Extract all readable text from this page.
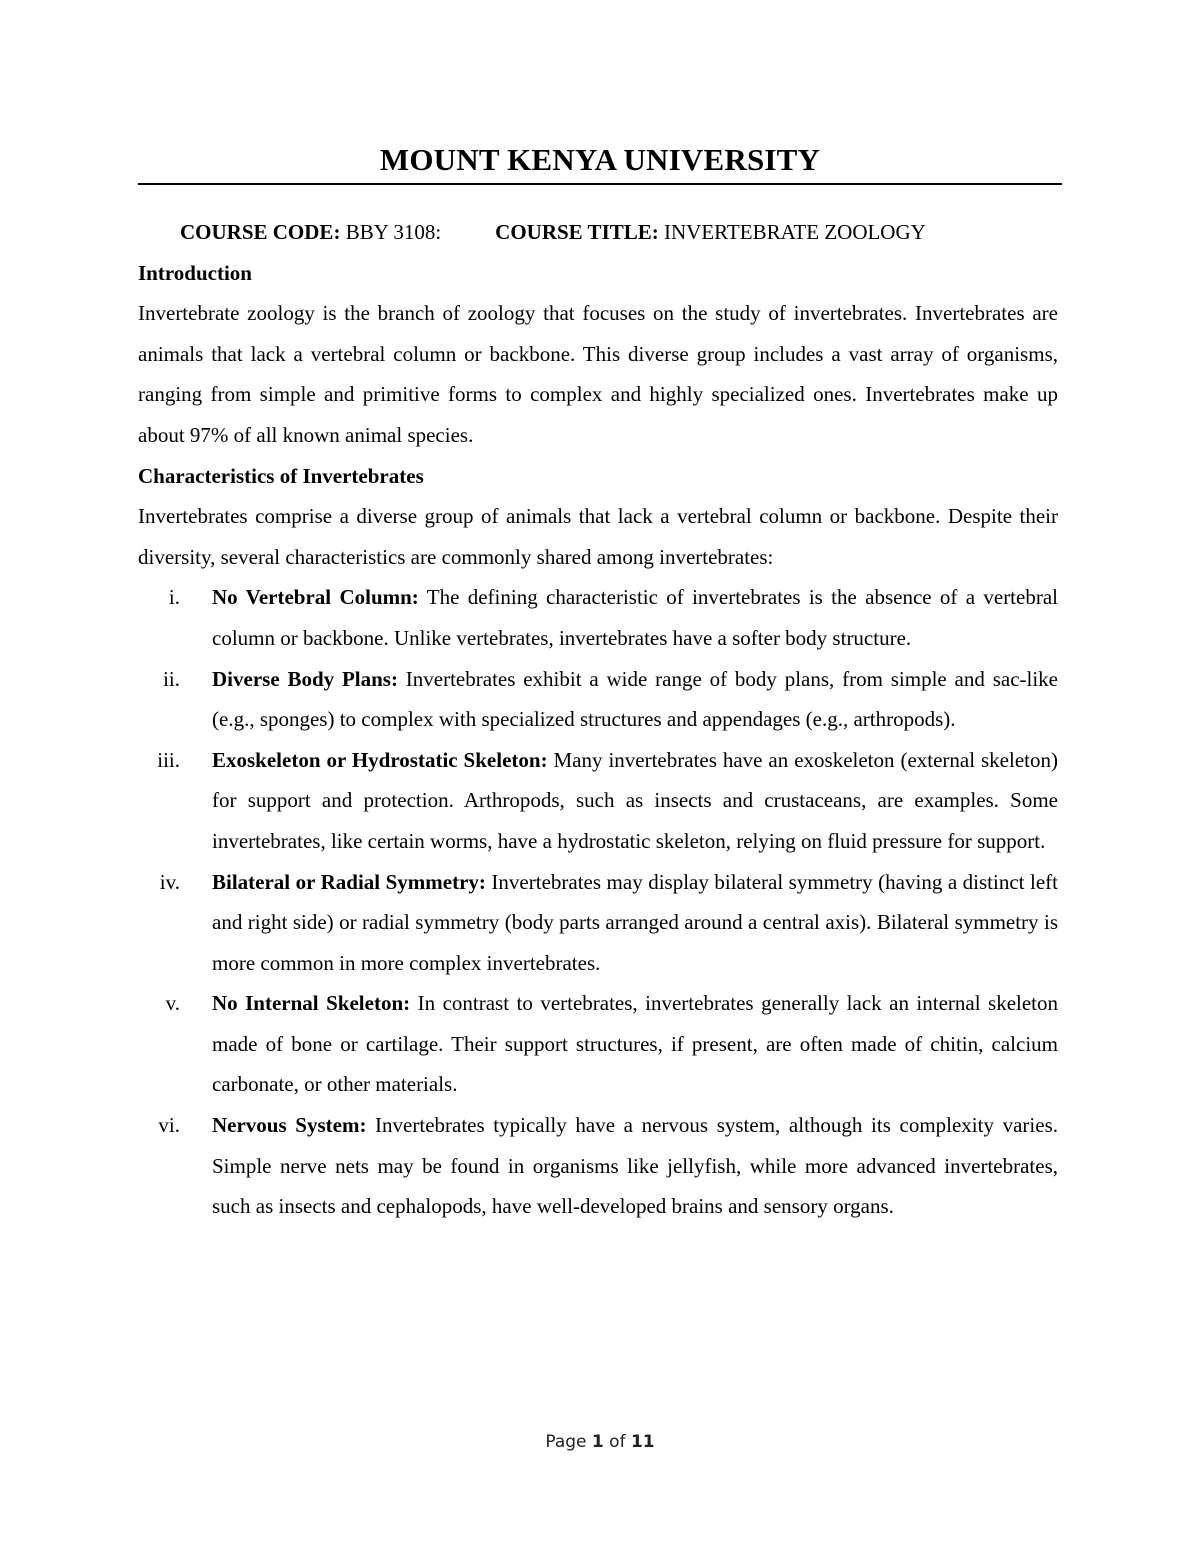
MOUNT KENYA UNIVERSITY
COURSE CODE: BBY 3108:	COURSE TITLE: INVERTEBRATE ZOOLOGY

Introduction

Invertebrate zoology is the branch of zoology that focuses on the study of invertebrates. Invertebrates are animals that lack a vertebral column or backbone. This diverse group includes a vast array of organisms, ranging from simple and primitive forms to complex and highly specialized ones. Invertebrates make up about 97% of all known animal species.

Characteristics of Invertebrates

Invertebrates comprise a diverse group of animals that lack a vertebral column or backbone. Despite their diversity, several characteristics are commonly shared among invertebrates:

i. No Vertebral Column: The defining characteristic of invertebrates is the absence of a vertebral column or backbone. Unlike vertebrates, invertebrates have a softer body structure.
ii. Diverse Body Plans: Invertebrates exhibit a wide range of body plans, from simple and sac-like (e.g., sponges) to complex with specialized structures and appendages (e.g., arthropods).
iii. Exoskeleton or Hydrostatic Skeleton: Many invertebrates have an exoskeleton (external skeleton) for support and protection. Arthropods, such as insects and crustaceans, are examples. Some invertebrates, like certain worms, have a hydrostatic skeleton, relying on fluid pressure for support.
iv. Bilateral or Radial Symmetry: Invertebrates may display bilateral symmetry (having a distinct left and right side) or radial symmetry (body parts arranged around a central axis). Bilateral symmetry is more common in more complex invertebrates.
v. No Internal Skeleton: In contrast to vertebrates, invertebrates generally lack an internal skeleton made of bone or cartilage. Their support structures, if present, are often made of chitin, calcium carbonate, or other materials.
vi. Nervous System: Invertebrates typically have a nervous system, although its complexity varies. Simple nerve nets may be found in organisms like jellyfish, while more advanced invertebrates, such as insects and cephalopods, have well-developed brains and sensory organs.
Page 1 of 11
